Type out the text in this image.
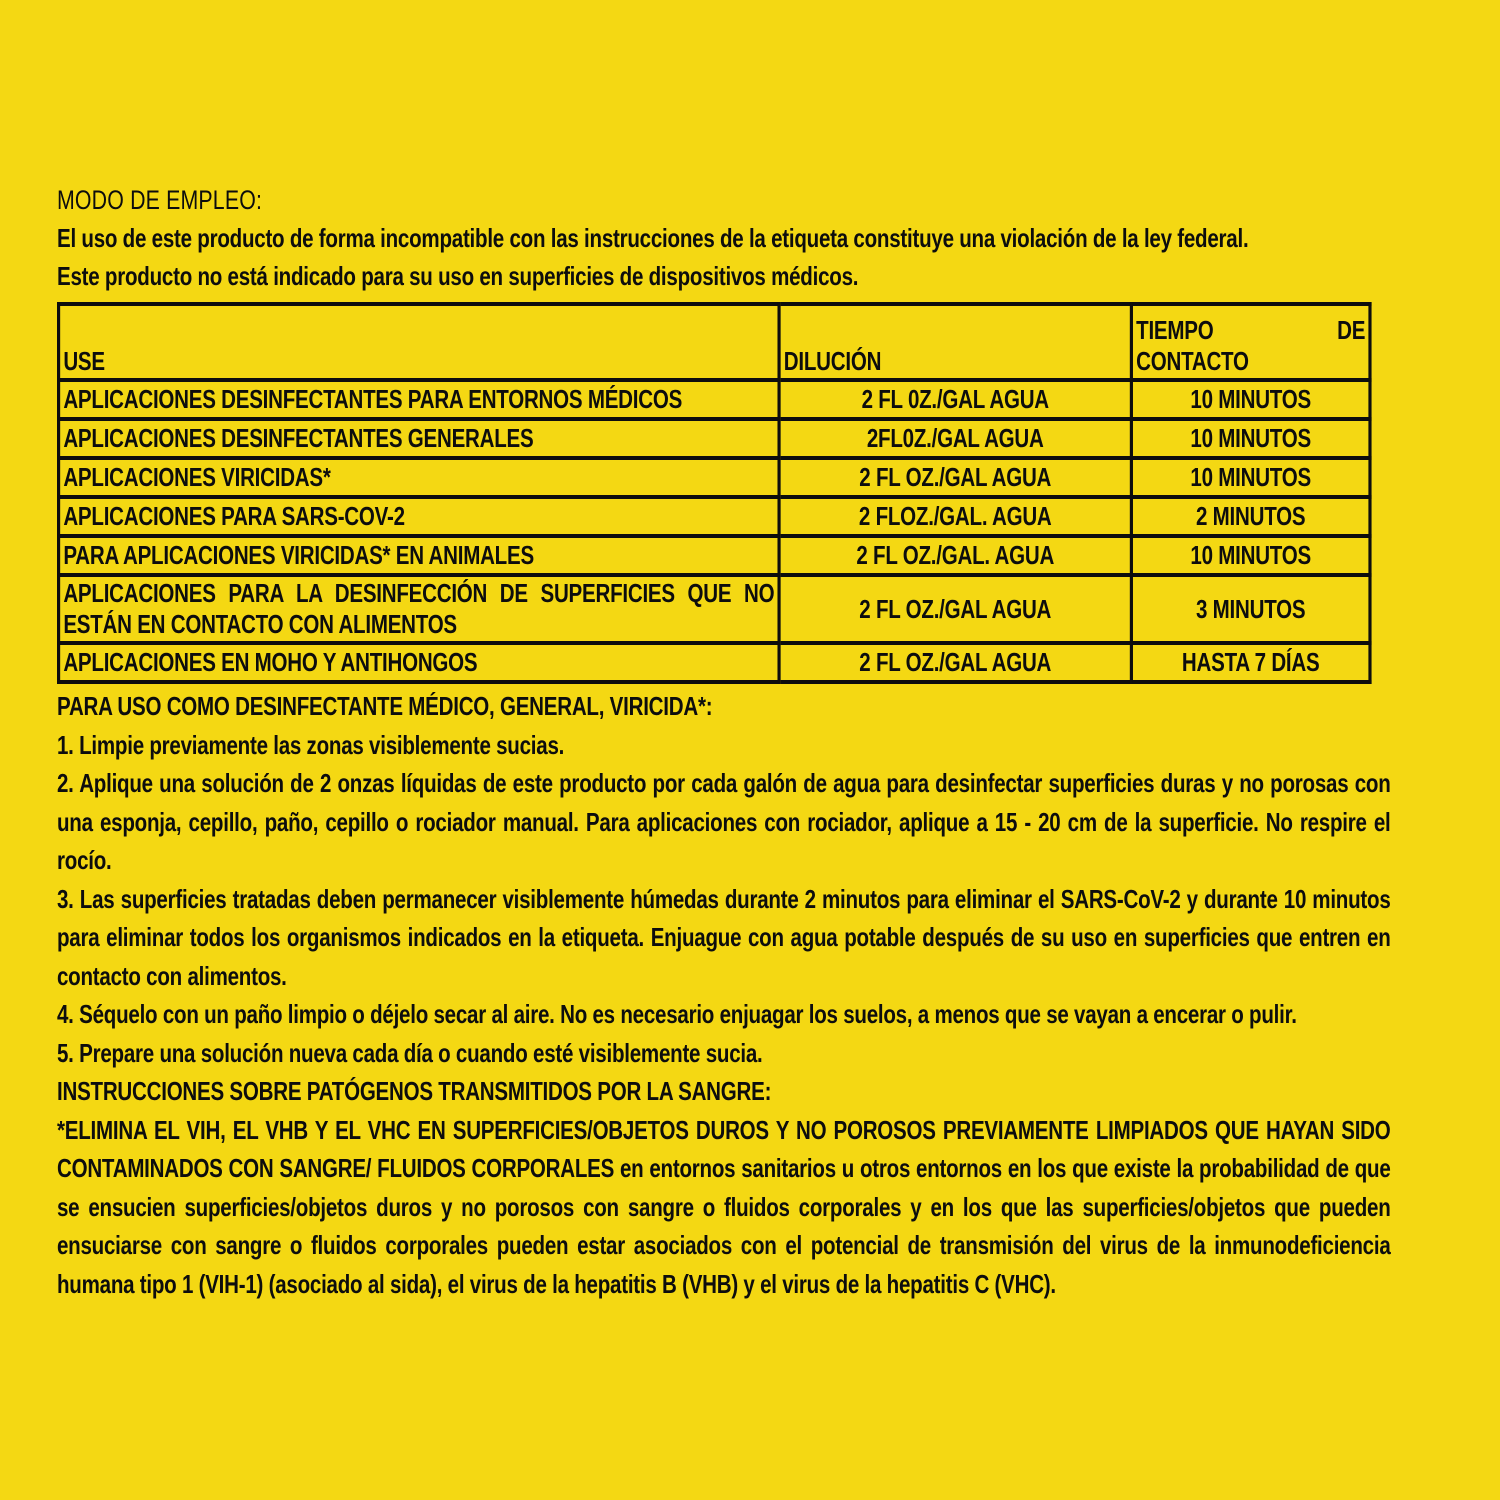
MODO DE EMPLEO:
El uso de este producto de forma incompatible con las instrucciones de la etiqueta constituye una violación de la ley federal.
Este producto no está indicado para su uso en superficies de dispositivos médicos.
USE	DILUCIÓN	TIEMPO DE
CONTACTO

APLICACIONES DESINFECTANTES PARA ENTORNOS MÉDICOS	2 FL 0Z./GAL AGUA	10 MINUTOS
APLICACIONES DESINFECTANTES GENERALES	2FL0Z./GAL AGUA	10 MINUTOS
APLICACIONES VIRICIDAS*	2 FL OZ./GAL AGUA	10 MINUTOS
APLICACIONES PARA SARS-COV-2	2 FLOZ./GAL. AGUA	2 MINUTOS
PARA APLICACIONES VIRICIDAS* EN ANIMALES	2 FL OZ./GAL. AGUA	10 MINUTOS
APLICACIONES PARA LA DESINFECCIÓN DE SUPERFICIES QUE NO ESTÁN EN CONTACTO CON ALIMENTOS	2 FL OZ./GAL AGUA	3 MINUTOS
APLICACIONES EN MOHO Y ANTIHONGOS	2 FL OZ./GAL AGUA	HASTA 7 DÍAS

PARA USO COMO DESINFECTANTE MÉDICO, GENERAL, VIRICIDA*:

1. Limpie previamente las zonas visiblemente sucias.

2. Aplique una solución de 2 onzas líquidas de este producto por cada galón de agua para desinfectar superficies duras y no porosas con una esponja, cepillo, paño, cepillo o rociador manual. Para aplicaciones con rociador, aplique a 15 - 20 cm de la superficie. No respire el rocío.

3. Las superficies tratadas deben permanecer visiblemente húmedas durante 2 minutos para eliminar el SARS-CoV-2 y durante 10 minutos para eliminar todos los organismos indicados en la etiqueta. Enjuague con agua potable después de su uso en superficies que entren en contacto con alimentos.

4. Séquelo con un paño limpio o déjelo secar al aire. No es necesario enjuagar los suelos, a menos que se vayan a encerar o pulir.

5. Prepare una solución nueva cada día o cuando esté visiblemente sucia.

INSTRUCCIONES SOBRE PATÓGENOS TRANSMITIDOS POR LA SANGRE:

*ELIMINA EL VIH, EL VHB Y EL VHC EN SUPERFICIES/OBJETOS DUROS Y NO POROSOS PREVIAMENTE LIMPIADOS QUE HAYAN SIDO CONTAMINADOS CON SANGRE/ FLUIDOS CORPORALES en entornos sanitarios u otros entornos en los que existe la probabilidad de que se ensucien superficies/objetos duros y no porosos con sangre o fluidos corporales y en los que las superficies/objetos que pueden ensuciarse con sangre o fluidos corporales pueden estar asociados con el potencial de transmisión del virus de la inmunodeficiencia humana tipo 1 (VIH-1) (asociado al sida), el virus de la hepatitis B (VHB) y el virus de la hepatitis C (VHC).
